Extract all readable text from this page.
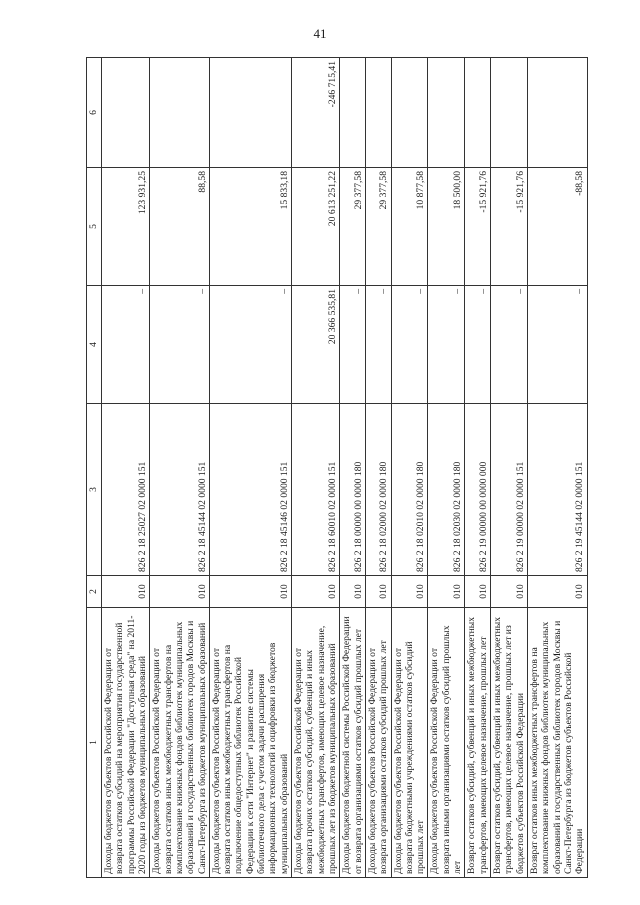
41
1	2	3	4	5	6
Доходы бюджетов субъектов Российской Федерации от возврата остатков субсидий на мероприятия государственной программы Российской Федерации "Доступная среда" на 2011-2020 годы из бюджетов муниципальных образований	010	826 2 18 25027 02 0000 151	–	123 931,25	
Доходы бюджетов субъектов Российской Федерации от возврата остатков иных межбюджетных трансфертов на комплектование книжных фондов библиотек муниципальных образований и государственных библиотек городов Москвы и Санкт-Петербурга из бюджетов муниципальных образований	010	826 2 18 45144 02 0000 151	–	88,58	
Доходы бюджетов субъектов Российской Федерации от возврата остатков иных межбюджетных трансфертов на подключение общедоступных библиотек Российской Федерации к сети "Интернет" и развитие системы библиотечного дела с учетом задачи расширения информационных технологий и оцифровки из бюджетов муниципальных образований	010	826 2 18 45146 02 0000 151	–	15 833,18	
Доходы бюджетов субъектов Российской Федерации от возврата прочих остатков субсидий, субвенций и иных межбюджетных трансфертов, имеющих целевое назначение, прошлых лет из бюджетов муниципальных образований	010	826 2 18 60010 02 0000 151	20 366 535,81	20 613 251,22	-246 715,41
Доходы бюджетов бюджетной системы Российской Федерации от возврата организациями остатков субсидий прошлых лет	010	826 2 18 00000 00 0000 180	–	29 377,58	
Доходы бюджетов субъектов Российской Федерации от возврата организациями остатков субсидий прошлых лет	010	826 2 18 02000 02 0000 180	–	29 377,58	
Доходы бюджетов субъектов Российской Федерации от возврата бюджетными учреждениями остатков субсидий прошлых лет	010	826 2 18 02010 02 0000 180	–	10 877,58	
Доходы бюджетов субъектов Российской Федерации от возврата иными организациями остатков субсидий прошлых лет	010	826 2 18 02030 02 0000 180	–	18 500,00	
Возврат остатков субсидий, субвенций и иных межбюджетных трансфертов, имеющих целевое назначение, прошлых лет	010	826 2 19 00000 00 0000 000	–	-15 921,76	
Возврат остатков субсидий, субвенций и иных межбюджетных трансфертов, имеющих целевое назначение, прошлых лет из бюджетов субъектов Российской Федерации	010	826 2 19 00000 02 0000 151	–	-15 921,76	
Возврат остатков иных межбюджетных трансфертов на комплектование книжных фондов библиотек муниципальных образований и государственных библиотек городов Москвы и Санкт-Петербурга из бюджетов субъектов Российской Федерации	010	826 2 19 45144 02 0000 151	–	-88,58	
